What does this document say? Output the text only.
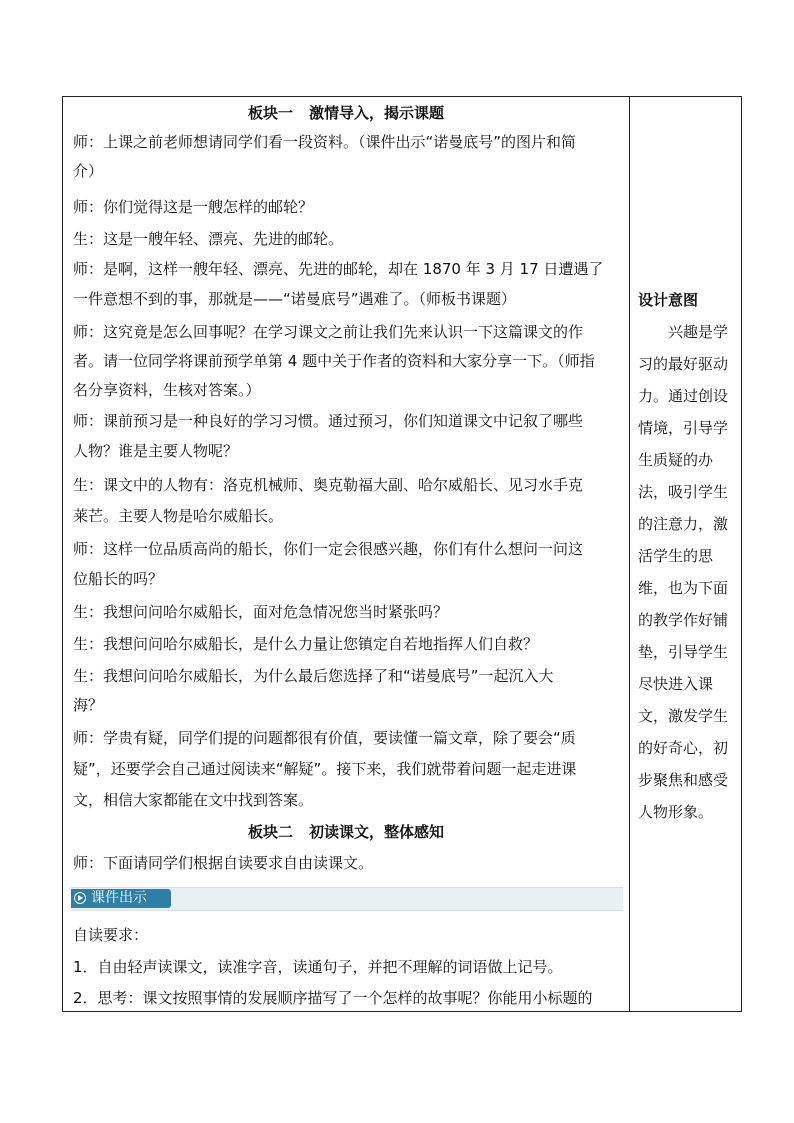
板块一 激情导入，揭示课题
师：上课之前老师想请同学们看一段资料。（课件出示“诺曼底号”的图片和简
介）
师：你们觉得这是一艘怎样的邮轮？
生：这是一艘年轻、漂亮、先进的邮轮。
师：是啊，这样一艘年轻、漂亮、先进的邮轮，却在 1870 年 3 月 17 日遭遇了
一件意想不到的事，那就是——“诺曼底号”遇难了。（师板书课题）
师：这究竟是怎么回事呢？在学习课文之前让我们先来认识一下这篇课文的作
者。请一位同学将课前预学单第 4 题中关于作者的资料和大家分享一下。（师指
名分享资料，生核对答案。）
师：课前预习是一种良好的学习习惯。通过预习，你们知道课文中记叙了哪些
人物？谁是主要人物呢？
生：课文中的人物有：洛克机械师、奥克勒福大副、哈尔威船长、见习水手克
莱芒。主要人物是哈尔威船长。
师：这样一位品质高尚的船长，你们一定会很感兴趣，你们有什么想问一问这
位船长的吗？
生：我想问问哈尔威船长，面对危急情况您当时紧张吗？
生：我想问问哈尔威船长，是什么力量让您镇定自若地指挥人们自救？
生：我想问问哈尔威船长，为什么最后您选择了和“诺曼底号”一起沉入大
海？
师：学贵有疑，同学们提的问题都很有价值，要读懂一篇文章，除了要会“质
疑”，还要学会自己通过阅读来“解疑”。接下来，我们就带着问题一起走进课
文，相信大家都能在文中找到答案。
板块二 初读课文，整体感知
师：下面请同学们根据自读要求自由读课文。
课件出示
自读要求：
1．自由轻声读课文，读准字音，读通句子，并把不理解的词语做上记号。
2．思考：课文按照事情的发展顺序描写了一个怎样的故事呢？你能用小标题的
设计意图
　　兴趣是学
习的最好驱动
力。通过创设
情境，引导学
生质疑的办
法，吸引学生
的注意力，激
活学生的思
维，也为下面
的教学作好铺
垫，引导学生
尽快进入课
文，激发学生
的好奇心，初
步聚焦和感受
人物形象。
